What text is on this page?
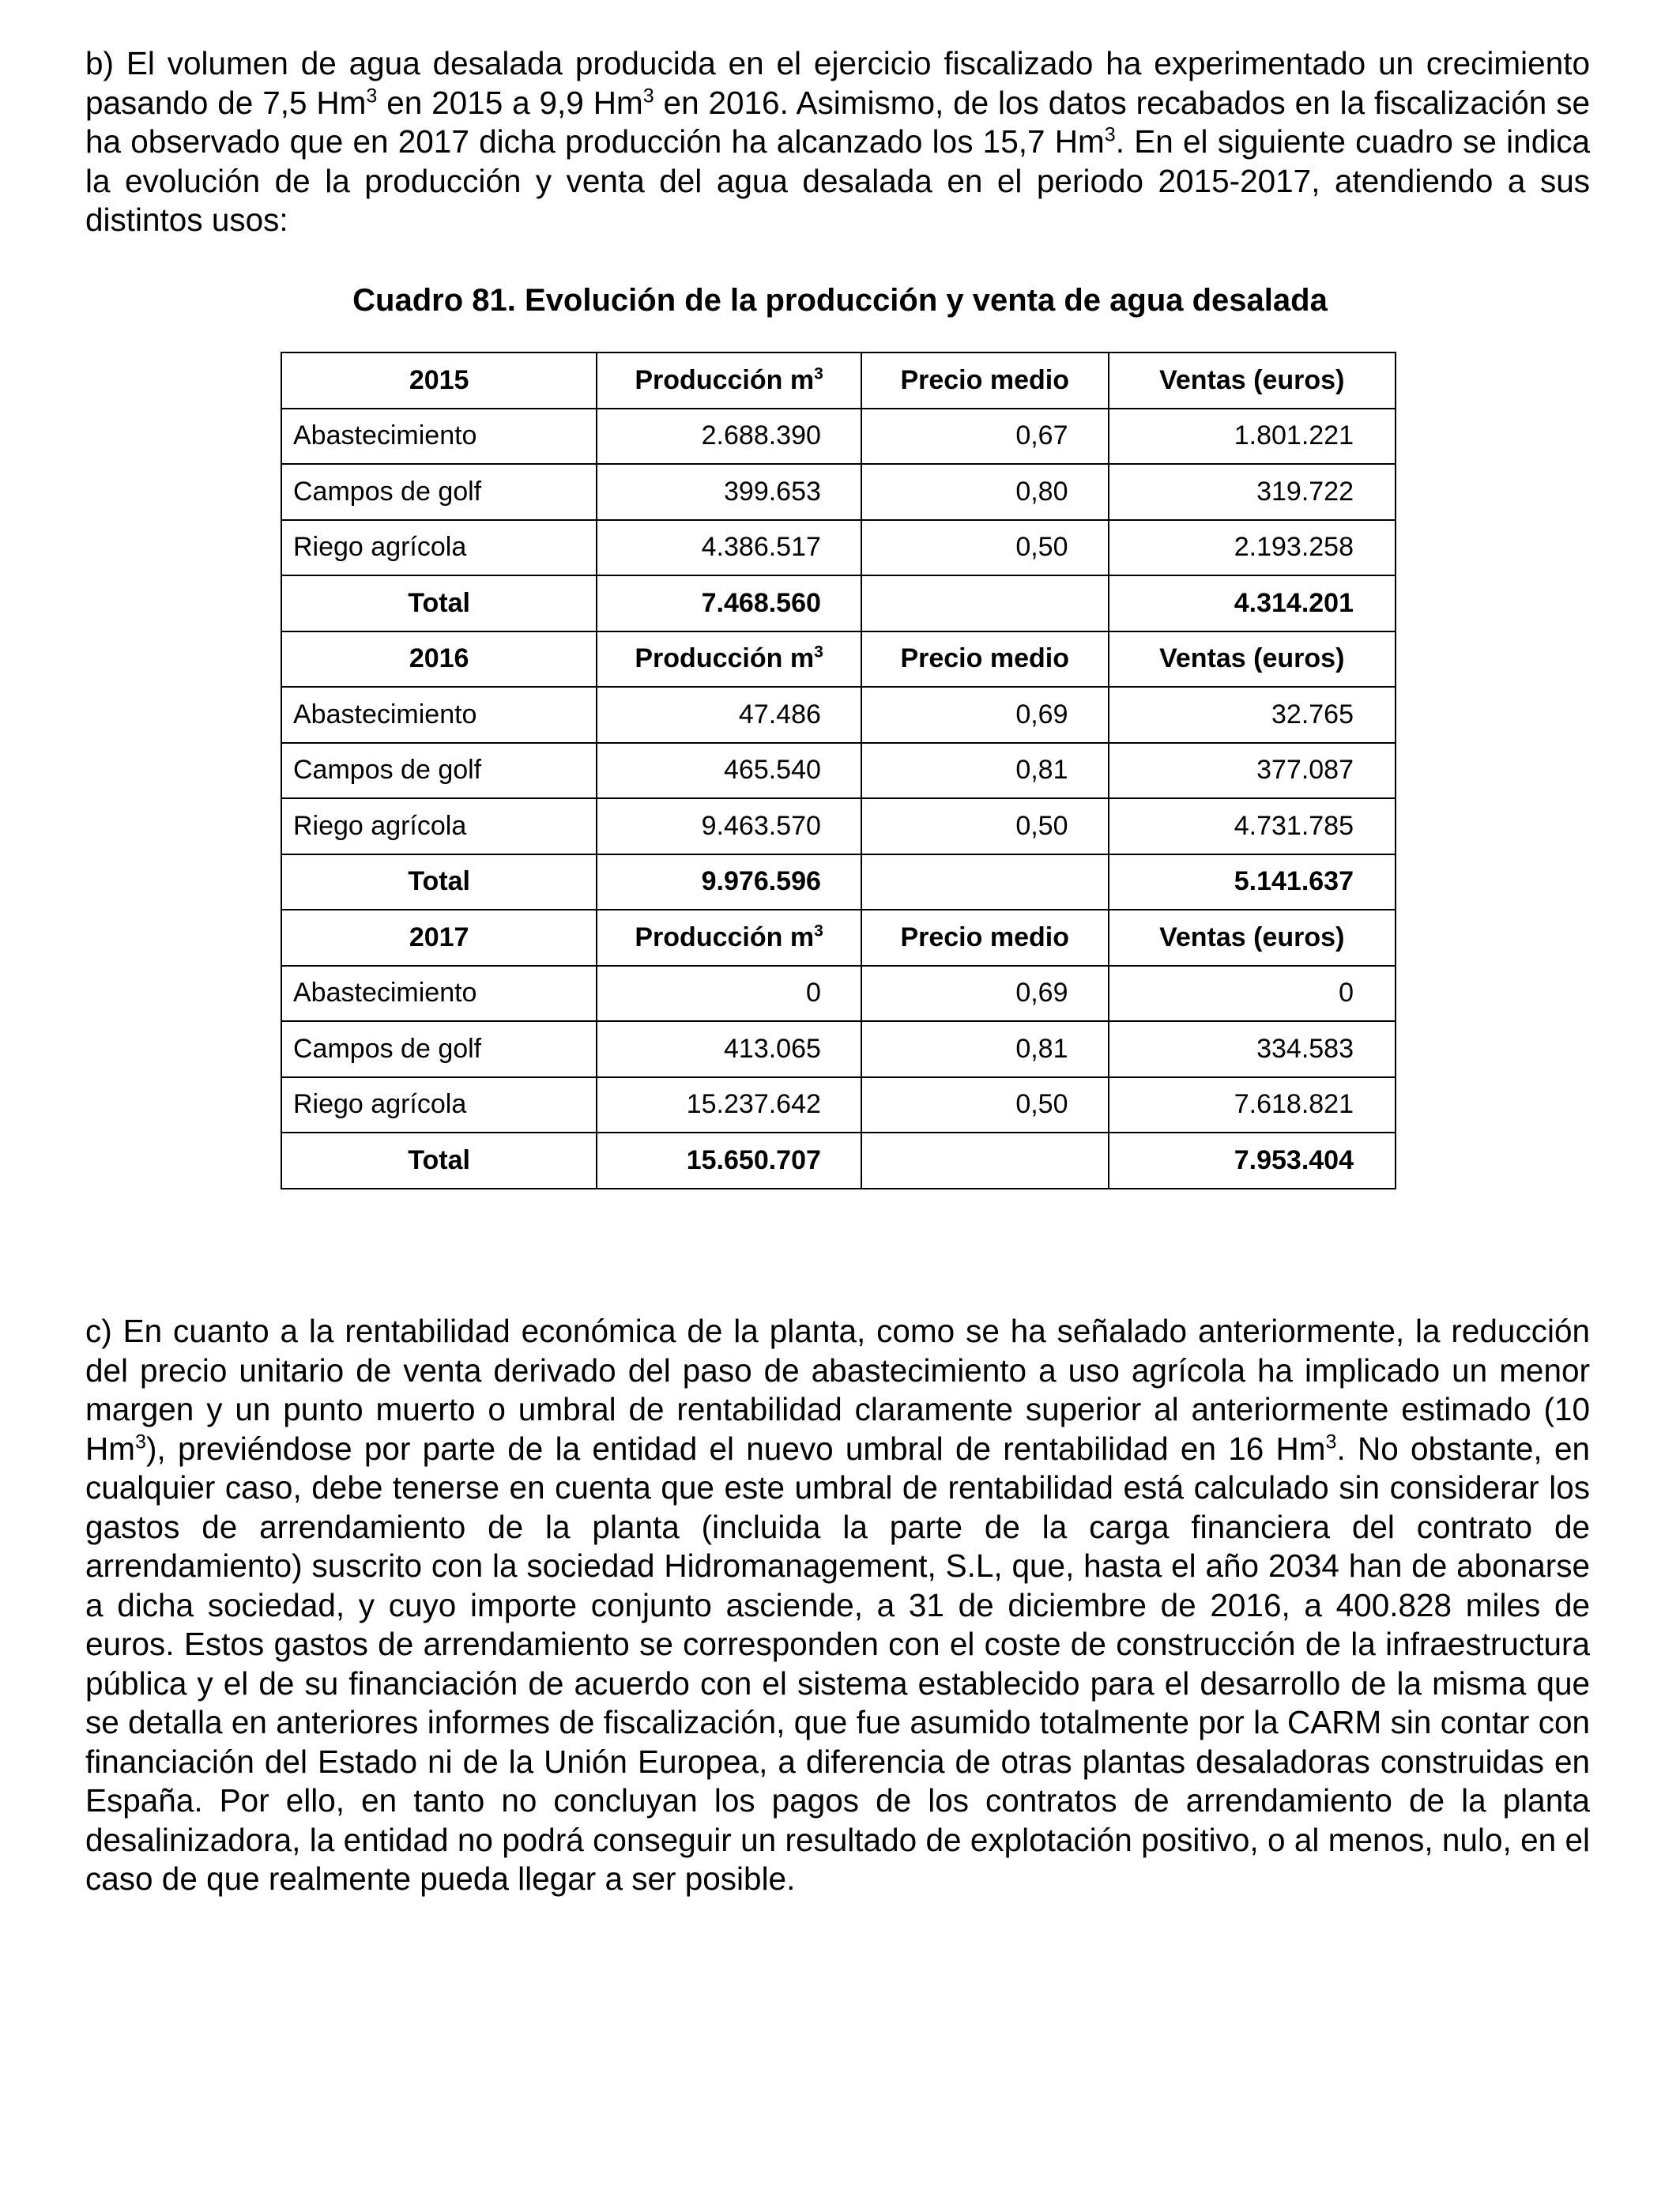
b) El volumen de agua desalada producida en el ejercicio fiscalizado ha experimentado un crecimiento pasando de 7,5 Hm$^3$ en 2015 a 9,9 Hm$^3$ en 2016. Asimismo, de los datos recabados en la fiscalización se ha observado que en 2017 dicha producción ha alcanzado los 15,7 Hm$^3$. En el siguiente cuadro se indica la evolución de la producción y venta del agua desalada en el periodo 2015-2017, atendiendo a sus distintos usos:

Cuadro 81. Evolución de la producción y venta de agua desalada

2015	Producción $m^3$	Precio medio	Ventas (euros)
Abastecimiento	2.688.390	0,67	1.801.221
Campos de golf	399.653	0,80	319.722
Riego agrícola	4.386.517	0,50	2.193.258
Total	7.468.560		4.314.201
2016	Producción $m^3$	Precio medio	Ventas (euros)
Abastecimiento	47.486	0,69	32.765
Campos de golf	465.540	0,81	377.087
Riego agrícola	9.463.570	0,50	4.731.785
Total	9.976.596		5.141.637
2017	Producción $m^3$	Precio medio	Ventas (euros)
Abastecimiento	0	0,69	0
Campos de golf	413.065	0,81	334.583
Riego agrícola	15.237.642	0,50	7.618.821
Total	15.650.707		7.953.404

c) En cuanto a la rentabilidad económica de la planta, como se ha señalado anteriormente, la reducción del precio unitario de venta derivado del paso de abastecimiento a uso agrícola ha implicado un menor margen y un punto muerto o umbral de rentabilidad claramente superior al anteriormente estimado (10 Hm$^3$), previéndose por parte de la entidad el nuevo umbral de rentabilidad en 16 Hm$^3$. No obstante, en cualquier caso, debe tenerse en cuenta que este umbral de rentabilidad está calculado sin considerar los gastos de arrendamiento de la planta (incluida la parte de la carga financiera del contrato de arrendamiento) suscrito con la sociedad Hidromanagement, S.L, que, hasta el año 2034 han de abonarse a dicha sociedad, y cuyo importe conjunto asciende, a 31 de diciembre de 2016, a 400.828 miles de euros. Estos gastos de arrendamiento se corresponden con el coste de construcción de la infraestructura pública y el de su financiación de acuerdo con el sistema establecido para el desarrollo de la misma que se detalla en anteriores informes de fiscalización, que fue asumido totalmente por la CARM sin contar con financiación del Estado ni de la Unión Europea, a diferencia de otras plantas desaladoras construidas en España. Por ello, en tanto no concluyan los pagos de los contratos de arrendamiento de la planta desalinizadora, la entidad no podrá conseguir un resultado de explotación positivo, o al menos, nulo, en el caso de que realmente pueda llegar a ser posible.
